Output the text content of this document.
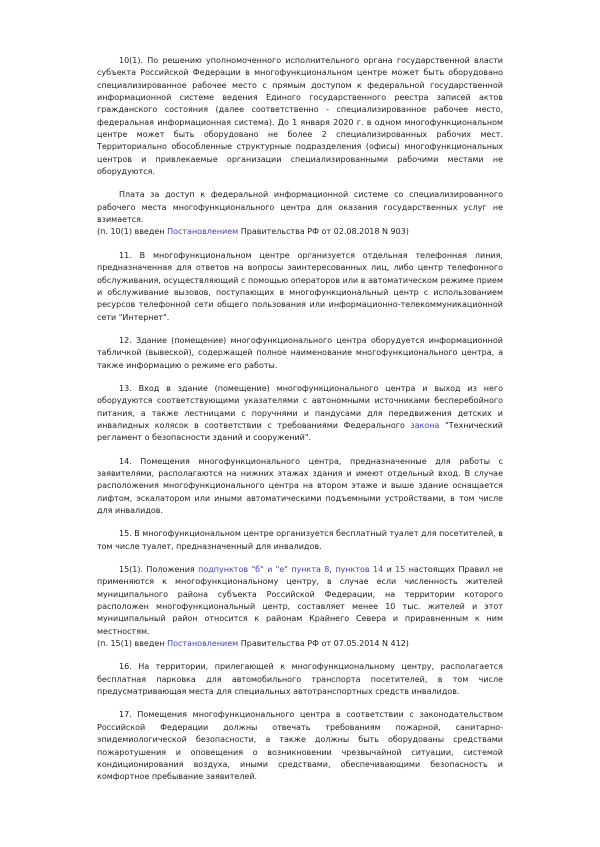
10(1). По решению уполномоченного исполнительного органа государственной власти субъекта Российской Федерации в многофункциональном центре может быть оборудовано специализированное рабочее место с прямым доступом к федеральной государственной информационной системе ведения Единого государственного реестра записей актов гражданского состояния (далее соответственно - специализированное рабочее место, федеральная информационная система). До 1 января 2020 г. в одном многофункциональном центре может быть оборудовано не более 2 специализированных рабочих мест. Территориально обособленные структурные подразделения (офисы) многофункциональных центров и привлекаемые организации специализированными рабочими местами не оборудуются.

Плата за доступ к федеральной информационной системе со специализированного рабочего места многофункционального центра для оказания государственных услуг не взимается.

(п. 10(1) введен Постановлением Правительства РФ от 02.08.2018 N 903)

11. В многофункциональном центре организуется отдельная телефонная линия, предназначенная для ответов на вопросы заинтересованных лиц, либо центр телефонного обслуживания, осуществляющий с помощью операторов или в автоматическом режиме прием и обслуживание вызовов, поступающих в многофункциональный центр с использованием ресурсов телефонной сети общего пользования или информационно-телекоммуникационной сети "Интернет".

12. Здание (помещение) многофункционального центра оборудуется информационной табличкой (вывеской), содержащей полное наименование многофункционального центра, а также информацию о режиме его работы.

13. Вход в здание (помещение) многофункционального центра и выход из него оборудуются соответствующими указателями с автономными источниками бесперебойного питания, а также лестницами с поручнями и пандусами для передвижения детских и инвалидных колясок в соответствии с требованиями Федерального закона "Технический регламент о безопасности зданий и сооружений".

14. Помещения многофункционального центра, предназначенные для работы с заявителями, располагаются на нижних этажах здания и имеют отдельный вход. В случае расположения многофункционального центра на втором этаже и выше здание оснащается лифтом, эскалатором или иными автоматическими подъемными устройствами, в том числе для инвалидов.

15. В многофункциональном центре организуется бесплатный туалет для посетителей, в том числе туалет, предназначенный для инвалидов.

15(1). Положения подпунктов "б" и "е" пункта 8, пунктов 14 и 15 настоящих Правил не применяются к многофункциональному центру, в случае если численность жителей муниципального района субъекта Российской Федерации, на территории которого расположен многофункциональный центр, составляет менее 10 тыс. жителей и этот муниципальный район относится к районам Крайнего Севера и приравненным к ним местностям.

(п. 15(1) введен Постановлением Правительства РФ от 07.05.2014 N 412)

16. На территории, прилегающей к многофункциональному центру, располагается бесплатная парковка для автомобильного транспорта посетителей, в том числе предусматривающая места для специальных автотранспортных средств инвалидов.

17. Помещения многофункционального центра в соответствии с законодательством Российской Федерации должны отвечать требованиям пожарной, санитарно-эпидемиологической безопасности, а также должны быть оборудованы средствами пожаротушения и оповещения о возникновении чрезвычайной ситуации, системой кондиционирования воздуха, иными средствами, обеспечивающими безопасность и комфортное пребывание заявителей.
